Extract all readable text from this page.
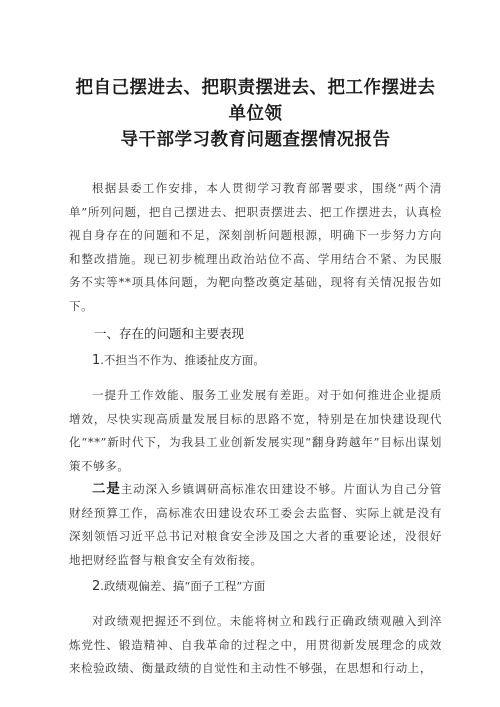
把自己摆进去、把职责摆进去、把工作摆进去单位领
导干部学习教育问题查摆情况报告

根据县委工作安排，本人贯彻学习教育部署要求，围绕“两个清单”所列问题，把自己摆进去、把职责摆进去、把工作摆进去，认真检视自身存在的问题和不足，深刻剖析问题根源，明确下一步努力方向和整改措施。现已初步梳理出政治站位不高、学用结合不紧、为民服务不实等**项具体问题，为靶向整改奠定基础，现将有关情况报告如下。

一、存在的问题和主要表现

1.不担当不作为、推诿扯皮方面。

一提升工作效能、服务工业发展有差距。对于如何推进企业提质增效，尽快实现高质量发展目标的思路不宽，特别是在加快建设现代化“**”新时代下，为我县工业创新发展实现“翻身跨越年”目标出谋划策不够多。

二是主动深入乡镇调研高标准农田建设不够。片面认为自己分管财经预算工作，高标准农田建设农环工委会去监督、实际上就是没有深刻领悟习近平总书记对粮食安全涉及国之大者的重要论述，没很好地把财经监督与粮食安全有效衔接。

2.政绩观偏差、搞“面子工程”方面

对政绩观把握还不到位。未能将树立和践行正确政绩观融入到淬炼党性、锻造精神、自我革命的过程之中，用贯彻新发展理念的成效来检验政绩、衡量政绩的自觉性和主动性不够强，在思想和行动上，
